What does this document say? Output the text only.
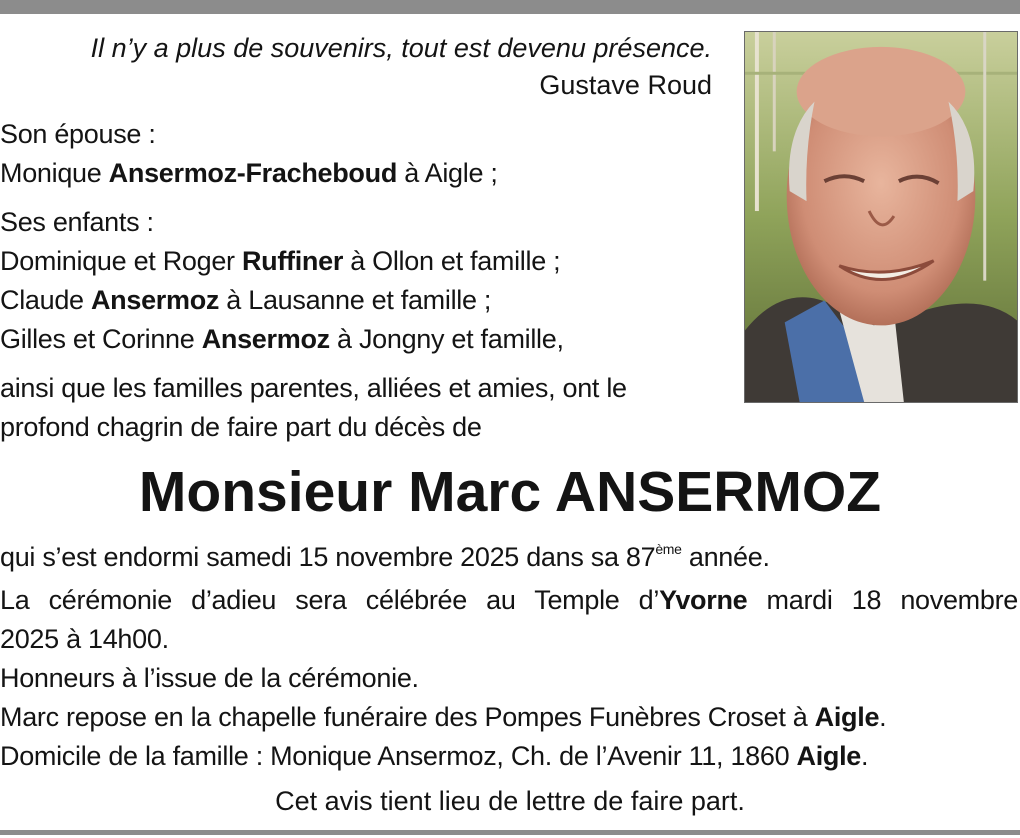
Il n’y a plus de souvenirs, tout est devenu présence.
Gustave Roud
Son épouse :
Monique Ansermoz-Fracheboud à Aigle ;
Ses enfants :
Dominique et Roger Ruffiner à Ollon et famille ;
Claude Ansermoz à Lausanne et famille ;
Gilles et Corinne Ansermoz à Jongny et famille,
ainsi que les familles parentes, alliées et amies, ont le
profond chagrin de faire part du décès de
Monsieur Marc ANSERMOZ
qui s’est endormi samedi 15 novembre 2025 dans sa 87ème année.
La cérémonie d’adieu sera célébrée au Temple d’Yvorne mardi 18 novembre
2025 à 14h00.
Honneurs à l’issue de la cérémonie.
Marc repose en la chapelle funéraire des Pompes Funèbres Croset à Aigle.
Domicile de la famille : Monique Ansermoz, Ch. de l’Avenir 11, 1860 Aigle.
Cet avis tient lieu de lettre de faire part.
